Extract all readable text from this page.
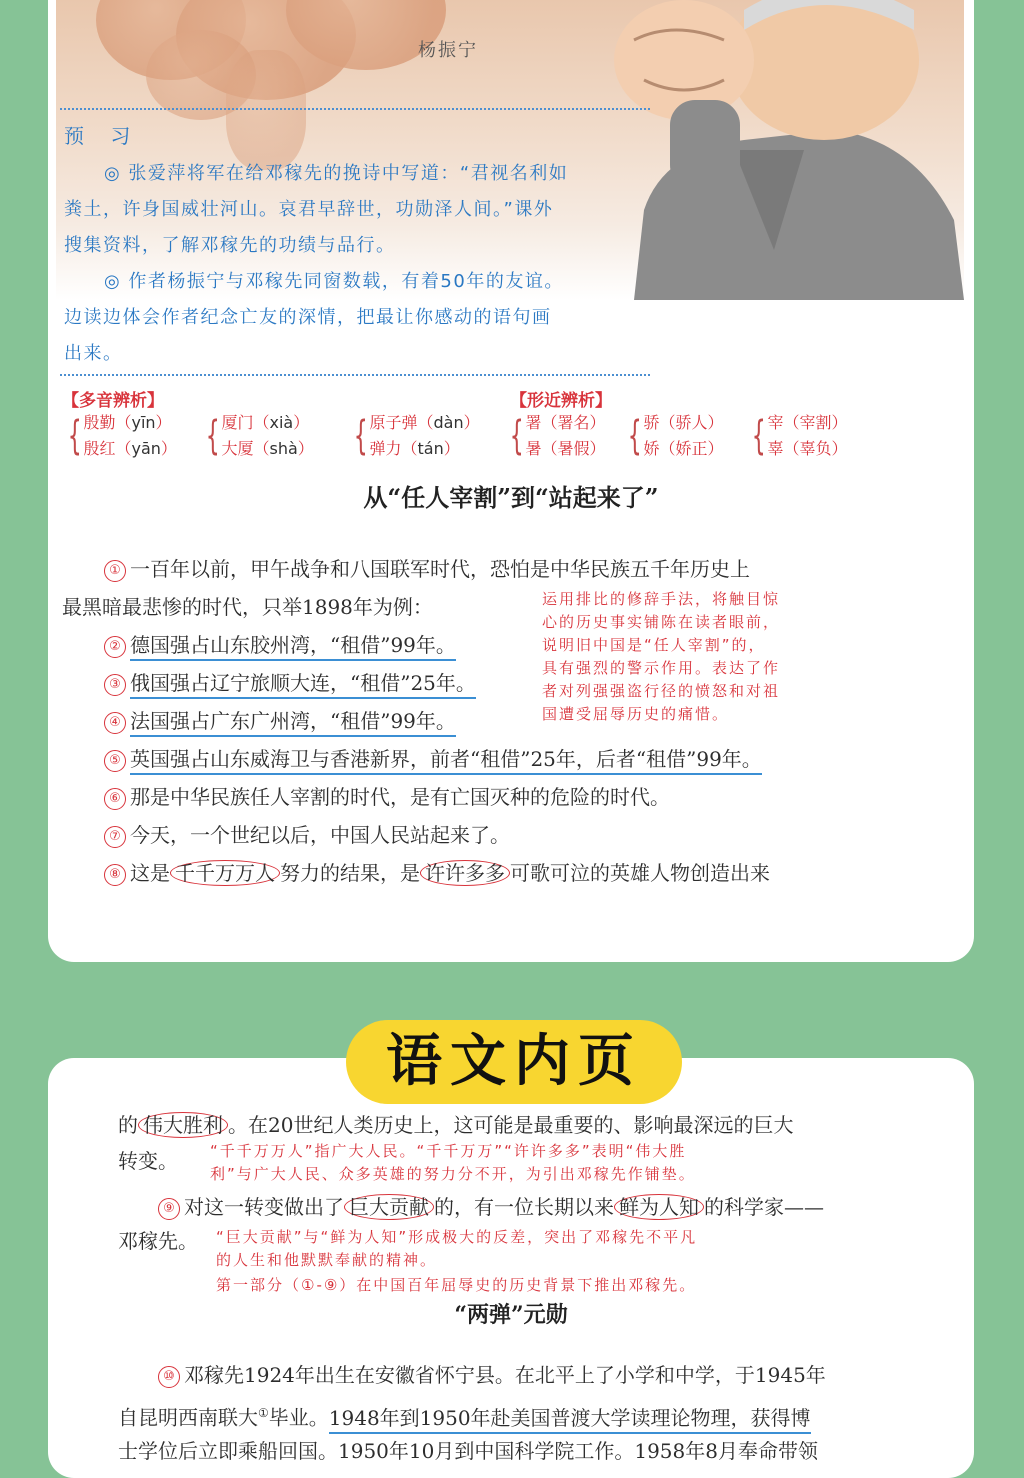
杨振宁
预 习

◎ 张爱萍将军在给邓稼先的挽诗中写道：“君视名利如
粪土，许身国威壮河山。哀君早辞世，功勋泽人间。”课外
搜集资料，了解邓稼先的功绩与品行。

◎ 作者杨振宁与邓稼先同窗数载，有着50年的友谊。
边读边体会作者纪念亡友的深情，把最让你感动的语句画
出来。

【多音辨析】	【形近辨析】
{ 殷勤（yīn）
殷红（yān） { 厦门（xià）
大厦（shà） { 原子弹（dàn）
弹力（tán）	{ 署（署名）
暑（暑假） { 骄（骄人）
娇（娇正） { 宰（宰割）
辜（辜负）
从“任人宰割”到“站起来了”

① 一百年以前，甲午战争和八国联军时代，恐怕是中华民族五千年历史上

最黑暗最悲惨的时代，只举1898年为例：

② 德国强占山东胶州湾，“租借”99年。

③ 俄国强占辽宁旅顺大连，“租借”25年。

④ 法国强占广东广州湾，“租借”99年。

⑤ 英国强占山东威海卫与香港新界，前者“租借”25年，后者“租借”99年。

⑥ 那是中华民族任人宰割的时代，是有亡国灭种的危险的时代。

⑦ 今天，一个世纪以后，中国人民站起来了。

⑧ 这是 千千万万人 努力的结果，是 许许多多 可歌可泣的英雄人物创造出来

运用排比的修辞手法，将触目惊
心的历史事实铺陈在读者眼前，
说明旧中国是“任人宰割”的，
具有强烈的警示作用。表达了作
者对列强强盗行径的愤怒和对祖
国遭受屈辱历史的痛惜。

语文内页

的 伟大胜利 。在20世纪人类历史上，这可能是最重要的、影响最深远的巨大

转变。 “千千万万人”指广大人民。“千千万万”“许许多多”表明“伟大胜
利”与广大人民、众多英雄的努力分不开，为引出邓稼先作铺垫。

⑨ 对这一转变做出了 巨大贡献 的，有一位长期以来 鲜为人知 的科学家——

邓稼先。 “巨大贡献”与“鲜为人知”形成极大的反差，突出了邓稼先不平凡
的人生和他默默奉献的精神。

第一部分（①-⑨）在中国百年屈辱史的历史背景下推出邓稼先。

“两弹”元勋

⑩ 邓稼先1924年出生在安徽省怀宁县。在北平上了小学和中学，于1945年

自昆明西南联大①毕业。1948年到1950年赴美国普渡大学读理论物理，获得博

士学位后立即乘船回国。1950年10月到中国科学院工作。1958年8月奉命带领
